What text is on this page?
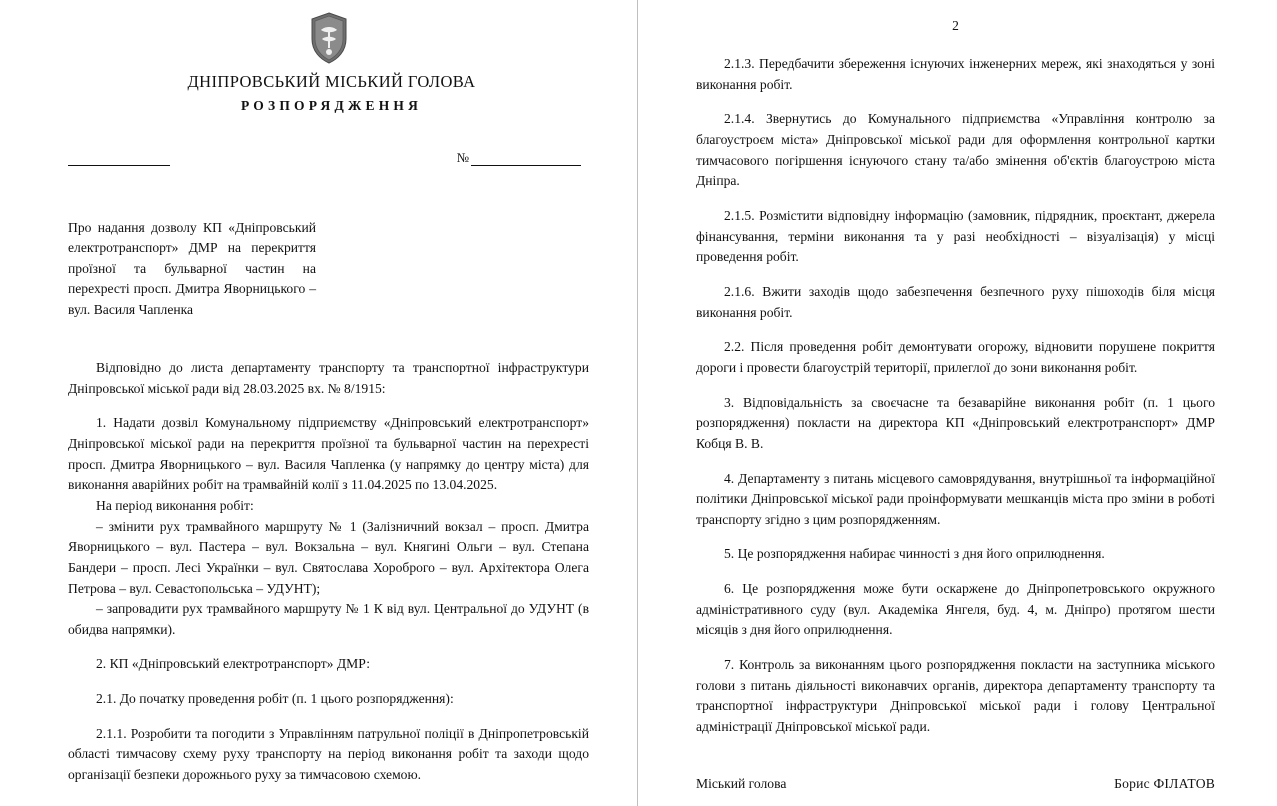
ДНІПРОВСЬКИЙ МІСЬКИЙ ГОЛОВА
РОЗПОРЯДЖЕННЯ
№
Про надання дозволу КП «Дніпровський електротранспорт» ДМР на перекриття проїзної та бульварної частин на перехресті просп. Дмитра Яворницького – вул. Василя Чапленка

Відповідно до листа департаменту транспорту та транспортної інфраструктури Дніпровської міської ради від 28.03.2025 вх. № 8/1915:

1. Надати дозвіл Комунальному підприємству «Дніпровський електротранспорт» Дніпровської міської ради на перекриття проїзної та бульварної частин на перехресті просп. Дмитра Яворницького – вул. Василя Чапленка (у напрямку до центру міста) для виконання аварійних робіт на трамвайній колії з 11.04.2025 по 13.04.2025.

На період виконання робіт:

– змінити рух трамвайного маршруту № 1 (Залізничний вокзал – просп. Дмитра Яворницького – вул. Пастера – вул. Вокзальна – вул. Княгині Ольги – вул. Степана Бандери – просп. Лесі Українки – вул. Святослава Хороброго – вул. Архітектора Олега Петрова – вул. Севастопольська – УДУНТ);

– запровадити рух трамвайного маршруту № 1 К від вул. Центральної до УДУНТ (в обидва напрямки).

2. КП «Дніпровський електротранспорт» ДМР:

2.1. До початку проведення робіт (п. 1 цього розпорядження):

2.1.1. Розробити та погодити з Управлінням патрульної поліції в Дніпропетровській області тимчасову схему руху транспорту на період виконання робіт та заходи щодо організації безпеки дорожнього руху за тимчасовою схемою.

2

2.1.3. Передбачити збереження існуючих інженерних мереж, які знаходяться у зоні виконання робіт.

2.1.4. Звернутись до Комунального підприємства «Управління контролю за благоустроєм міста» Дніпровської міської ради для оформлення контрольної картки тимчасового погіршення існуючого стану та/або змінення об'єктів благоустрою міста Дніпра.

2.1.5. Розмістити відповідну інформацію (замовник, підрядник, проєктант, джерела фінансування, терміни виконання та у разі необхідності – візуалізація) у місці проведення робіт.

2.1.6. Вжити заходів щодо забезпечення безпечного руху пішоходів біля місця виконання робіт.

2.2. Після проведення робіт демонтувати огорожу, відновити порушене покриття дороги і провести благоустрій території, прилеглої до зони виконання робіт.

3. Відповідальність за своєчасне та безаварійне виконання робіт (п. 1 цього розпорядження) покласти на директора КП «Дніпровський електротранспорт» ДМР Кобця В. В.

4. Департаменту з питань місцевого самоврядування, внутрішньої та інформаційної політики Дніпровської міської ради проінформувати мешканців міста про зміни в роботі транспорту згідно з цим розпорядженням.

5. Це розпорядження набирає чинності з дня його оприлюднення.

6. Це розпорядження може бути оскаржене до Дніпропетровського окружного адміністративного суду (вул. Академіка Янгеля, буд. 4, м. Дніпро) протягом шести місяців з дня його оприлюднення.

7. Контроль за виконанням цього розпорядження покласти на заступника міського голови з питань діяльності виконавчих органів, директора департаменту транспорту та транспортної інфраструктури Дніпровської міської ради і голову Центральної адміністрації Дніпровської міської ради.

Міський голова	Борис ФІЛАТОВ
